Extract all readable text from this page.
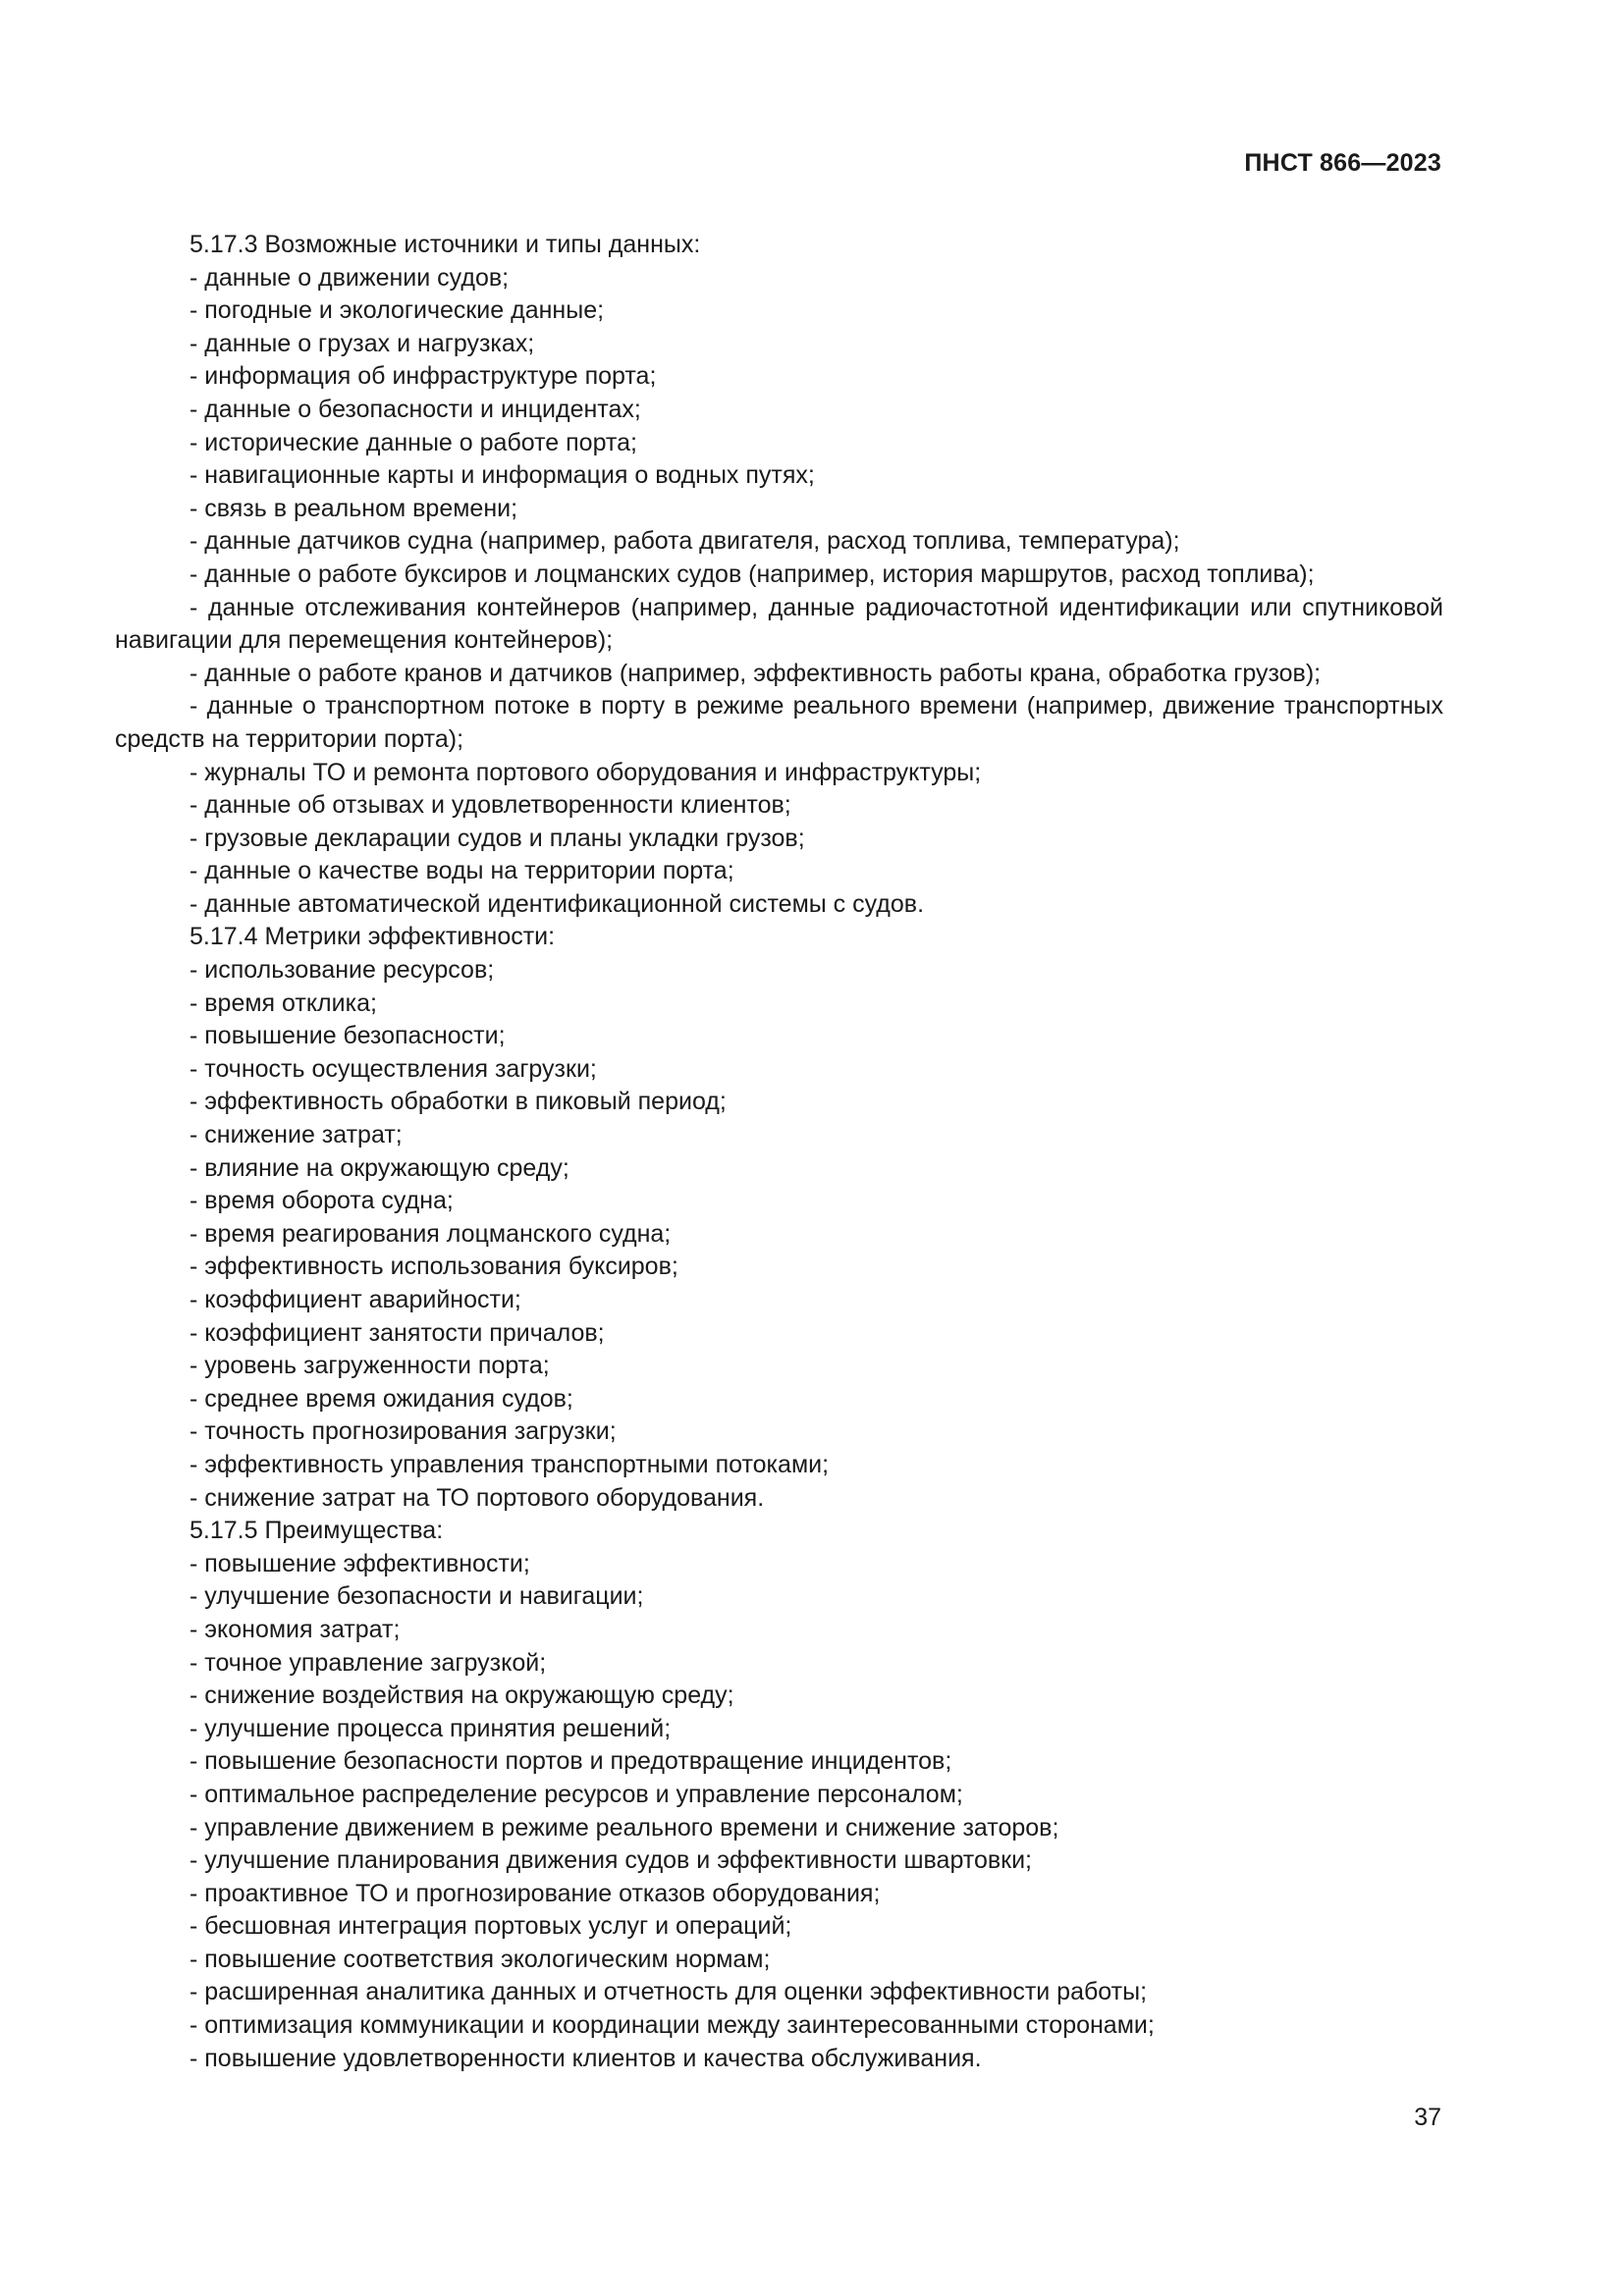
ПНСТ 866—2023

5.17.3 Возможные источники и типы данных:

- данные о движении судов;

- погодные и экологические данные;

- данные о грузах и нагрузках;

- информация об инфраструктуре порта;

- данные о безопасности и инцидентах;

- исторические данные о работе порта;

- навигационные карты и информация о водных путях;

- связь в реальном времени;

- данные датчиков судна (например, работа двигателя, расход топлива, температура);

- данные о работе буксиров и лоцманских судов (например, история маршрутов, расход топлива);

- данные отслеживания контейнеров (например, данные радиочастотной идентификации или спутниковой навигации для перемещения контейнеров);

- данные о работе кранов и датчиков (например, эффективность работы крана, обработка грузов);

- данные о транспортном потоке в порту в режиме реального времени (например, движение транспортных средств на территории порта);

- журналы ТО и ремонта портового оборудования и инфраструктуры;

- данные об отзывах и удовлетворенности клиентов;

- грузовые декларации судов и планы укладки грузов;

- данные о качестве воды на территории порта;

- данные автоматической идентификационной системы с судов.

5.17.4 Метрики эффективности:

- использование ресурсов;

- время отклика;

- повышение безопасности;

- точность осуществления загрузки;

- эффективность обработки в пиковый период;

- снижение затрат;

- влияние на окружающую среду;

- время оборота судна;

- время реагирования лоцманского судна;

- эффективность использования буксиров;

- коэффициент аварийности;

- коэффициент занятости причалов;

- уровень загруженности порта;

- среднее время ожидания судов;

- точность прогнозирования загрузки;

- эффективность управления транспортными потоками;

- снижение затрат на ТО портового оборудования.

5.17.5 Преимущества:

- повышение эффективности;

- улучшение безопасности и навигации;

- экономия затрат;

- точное управление загрузкой;

- снижение воздействия на окружающую среду;

- улучшение процесса принятия решений;

- повышение безопасности портов и предотвращение инцидентов;

- оптимальное распределение ресурсов и управление персоналом;

- управление движением в режиме реального времени и снижение заторов;

- улучшение планирования движения судов и эффективности швартовки;

- проактивное ТО и прогнозирование отказов оборудования;

- бесшовная интеграция портовых услуг и операций;

- повышение соответствия экологическим нормам;

- расширенная аналитика данных и отчетность для оценки эффективности работы;

- оптимизация коммуникации и координации между заинтересованными сторонами;

- повышение удовлетворенности клиентов и качества обслуживания.

37
